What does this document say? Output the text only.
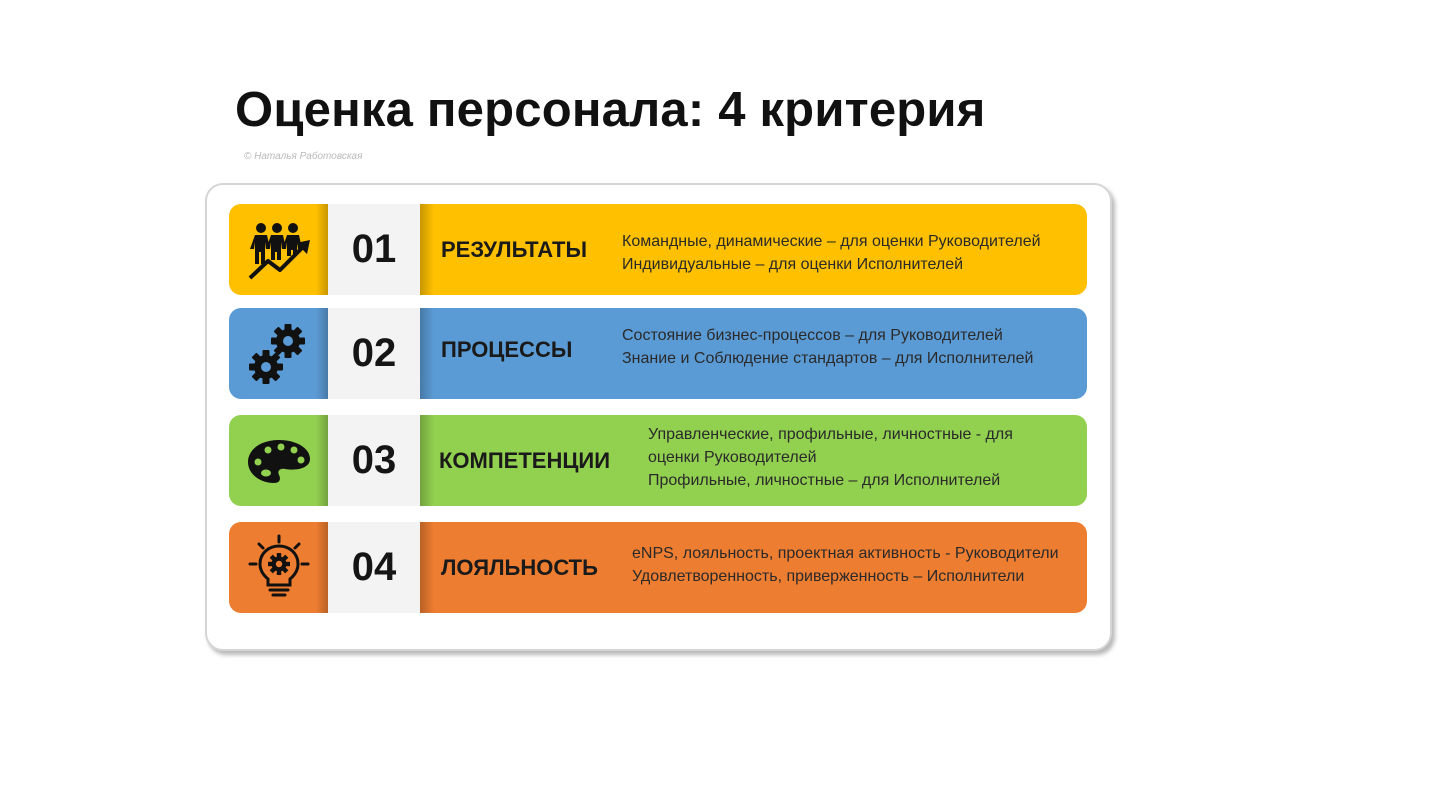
Оценка персонала: 4 критерия
© Наталья Работовская
01	РЕЗУЛЬТАТЫ Командные, динамические – для оценки Руководителей
Индивидуальные – для оценки Исполнителей
02	ПРОЦЕССЫ
Состояние бизнес-процессов – для Руководителей
Знание и Соблюдение стандартов – для Исполнителей
03	КОМПЕТЕНЦИИ
Управленческие, профильные, личностные - для
оценки Руководителей
Профильные, личностные – для Исполнителей
04	ЛОЯЛЬНОСТЬ
eNPS, лояльность, проектная активность - Руководители
Удовлетворенность, приверженность – Исполнители
